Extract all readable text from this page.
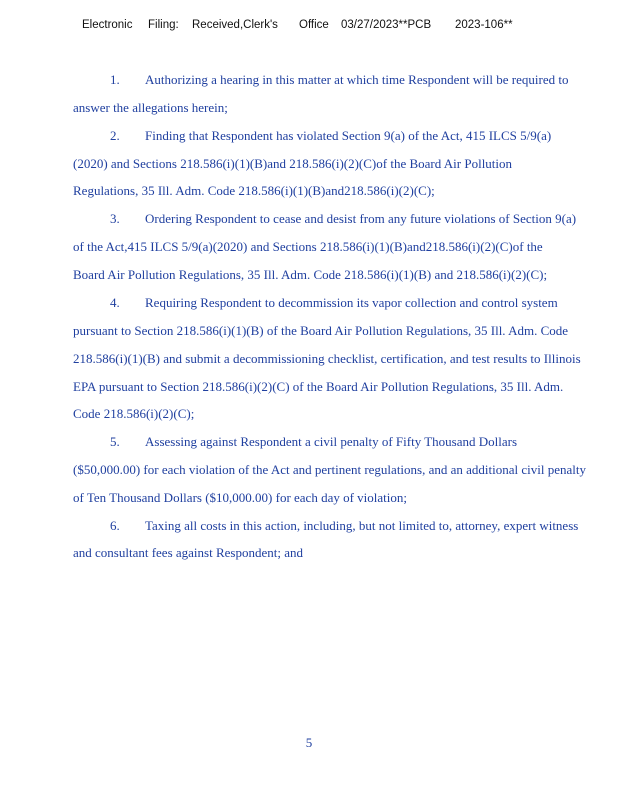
Electronic Filing: Received,Clerk's Office 03/27/2023**PCB 2023-106**
1. Authorizing a hearing in this matter at which time Respondent will be required to
answer the allegations herein;
2. Finding that Respondent has violated Section 9(a) of the Act, 415 ILCS 5/9(a)
(2020) and Sections 218.586(i)(1)(B)and 218.586(i)(2)(C)of the Board Air Pollution
Regulations, 35 Ill. Adm. Code 218.586(i)(1)(B)and218.586(i)(2)(C);
3. Ordering Respondent to cease and desist from any future violations of Section 9(a)
of the Act,415 ILCS 5/9(a)(2020) and Sections 218.586(i)(1)(B)and218.586(i)(2)(C)of the
Board Air Pollution Regulations, 35 Ill. Adm. Code 218.586(i)(1)(B) and 218.586(i)(2)(C);
4. Requiring Respondent to decommission its vapor collection and control system
pursuant to Section 218.586(i)(1)(B) of the Board Air Pollution Regulations, 35 Ill. Adm. Code
218.586(i)(1)(B) and submit a decommissioning checklist, certification, and test results to Illinois
EPA pursuant to Section 218.586(i)(2)(C) of the Board Air Pollution Regulations, 35 Ill. Adm.
Code 218.586(i)(2)(C);
5. Assessing against Respondent a civil penalty of Fifty Thousand Dollars
($50,000.00) for each violation of the Act and pertinent regulations, and an additional civil penalty
of Ten Thousand Dollars ($10,000.00) for each day of violation;
6. Taxing all costs in this action, including, but not limited to, attorney, expert witness
and consultant fees against Respondent; and
5
